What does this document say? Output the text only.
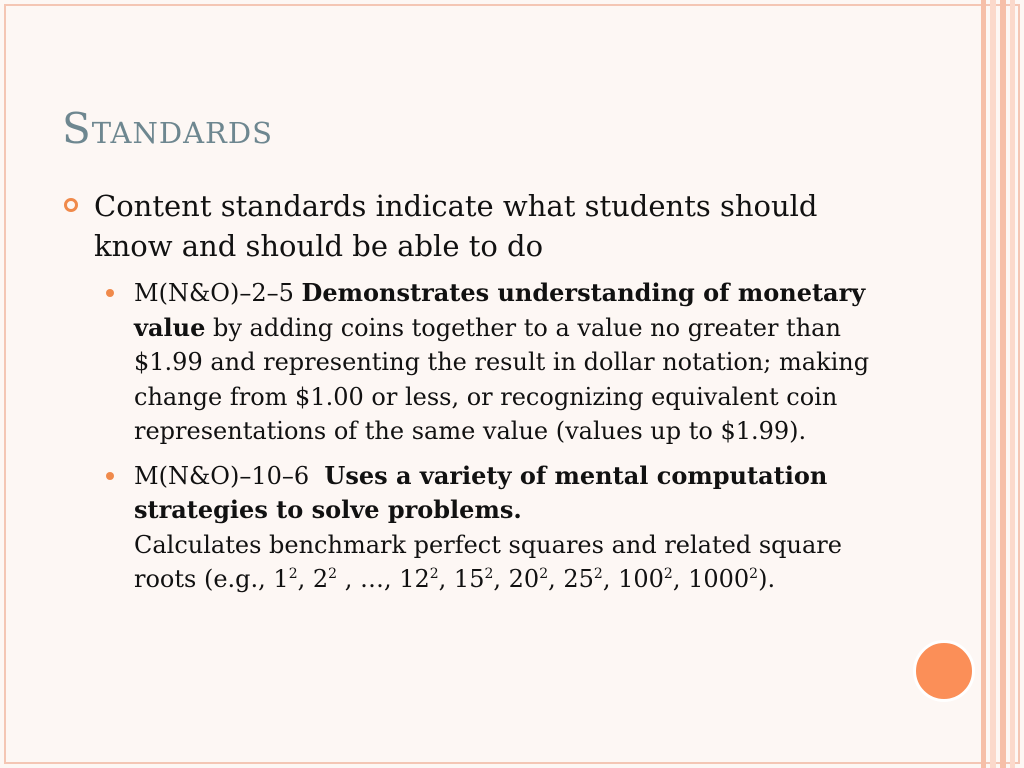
Standards
Content standards indicate what students should know and should be able to do
M(N&O)–2–5 Demonstrates understanding of monetary value by adding coins together to a value no greater than $1.99 and representing the result in dollar notation; making change from $1.00 or less, or recognizing equivalent coin representations of the same value (values up to $1.99).
M(N&O)–10–6 Uses a variety of mental computation strategies to solve problems.
Calculates benchmark perfect squares and related square roots (e.g., $1^2$, $2^2$ , …, $12^2$, $15^2$, $20^2$, $25^2$, $100^2$, 1000$^2$).
